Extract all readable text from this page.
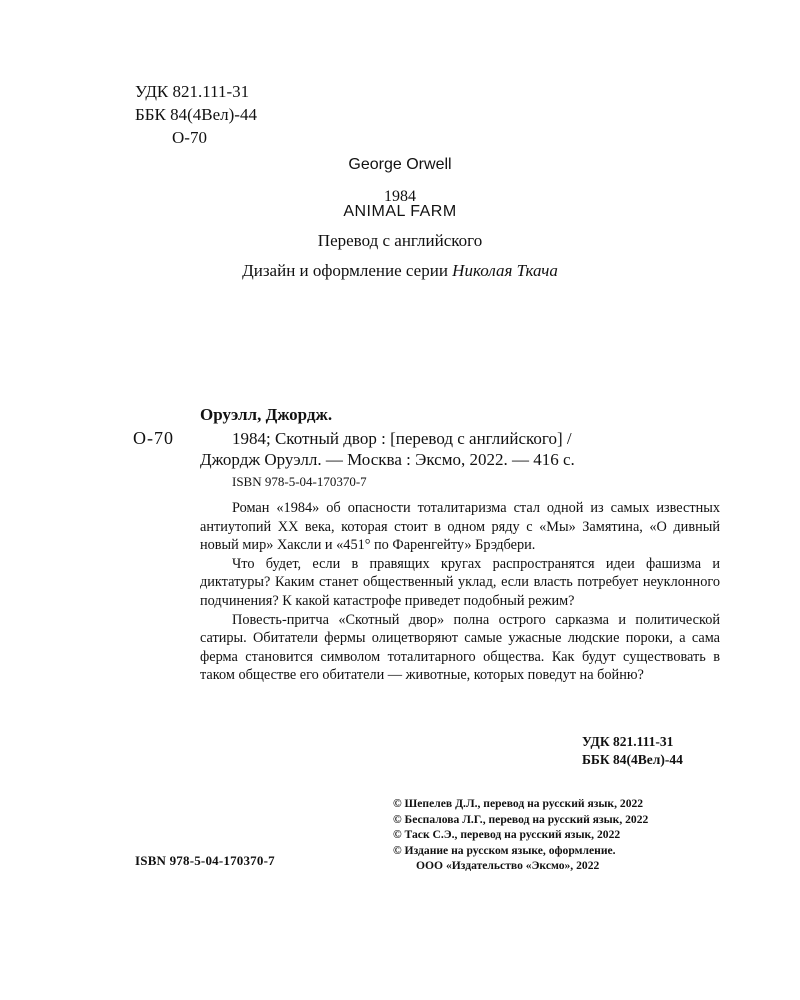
УДК 821.111-31
ББК 84(4Вел)-44
О-70
George Orwell
1984
ANIMAL FARM
Перевод с английского
Дизайн и оформление серии Николая Ткача
Оруэлл, Джордж.
О-70	1984; Скотный двор : [перевод с английского] /
Джордж Оруэлл. — Москва : Эксмо, 2022. — 416 с.
ISBN 978-5-04-170370-7

Роман «1984» об опасности тоталитаризма стал одной из самых известных антиутопий XX века, которая стоит в одном ряду с «Мы» Замятина, «О дивный новый мир» Хаксли и «451° по Фаренгейту» Брэдбери.

Что будет, если в правящих кругах распространятся идеи фашизма и диктатуры? Каким станет общественный уклад, если власть потребует неуклонного подчинения? К какой катастрофе приведет подобный режим?

Повесть-притча «Скотный двор» полна острого сарказма и политической сатиры. Обитатели фермы олицетворяют самые ужасные людские пороки, а сама ферма становится символом тоталитарного общества. Как будут существовать в таком обществе его обитатели — животные, которых поведут на бойню?

УДК 821.111-31
ББК 84(4Вел)-44
ISBN 978-5-04-170370-7
© Шепелев Д.Л., перевод на русский язык, 2022
© Беспалова Л.Г., перевод на русский язык, 2022
© Таск С.Э., перевод на русский язык, 2022
© Издание на русском языке, оформление.
ООО «Издательство «Эксмо», 2022
